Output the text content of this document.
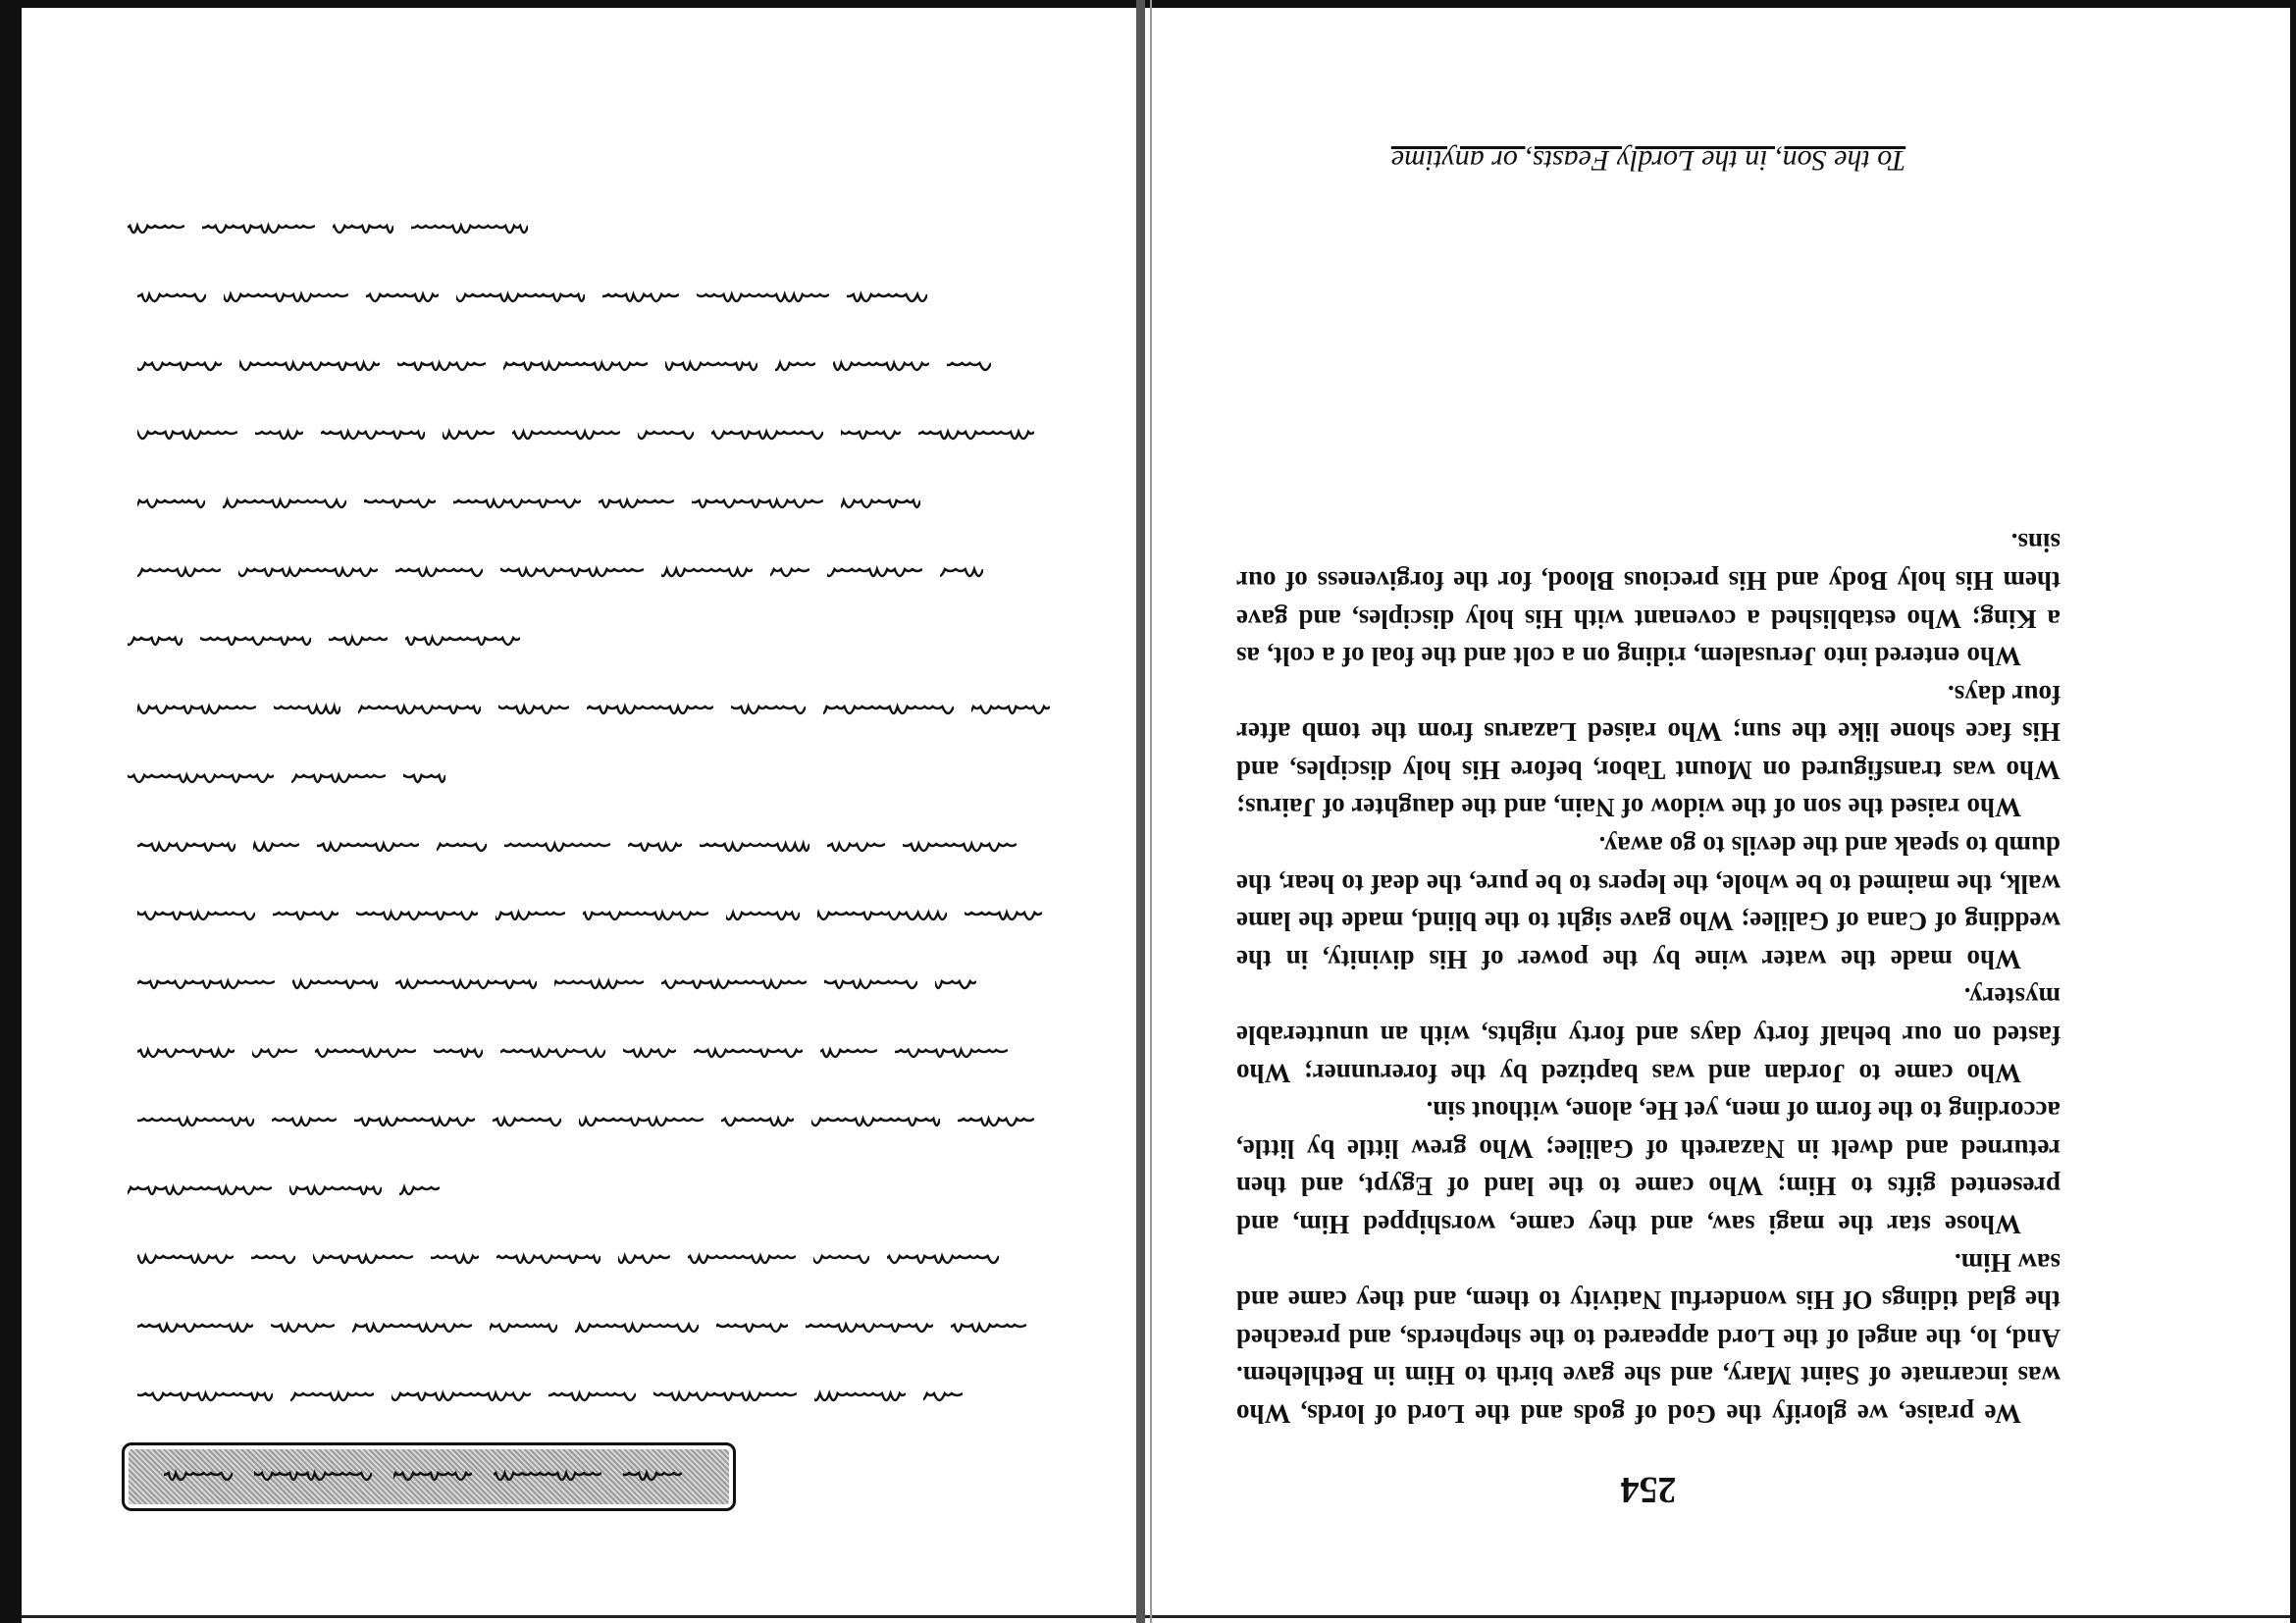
254

We praise, we glorify the God of gods and the Lord of lords, Who was incarnate of Saint Mary, and she gave birth to Him in Bethlehem. And, lo, the angel of the Lord appeared to the shepherds, and preached the glad tidings Of His wonderful Nativity to them, and they came and saw Him.

Whose star the magi saw, and they came, worshipped Him, and presented gifts to Him; Who came to the land of Egypt, and then returned and dwelt in Nazareth of Galilee; Who grew little by little, according to the form of men, yet He, alone, without sin.

Who came to Jordan and was baptized by the forerunner; Who fasted on our behalf forty days and forty nights, with an unutterable mystery.

Who made the water wine by the power of His divinity, in the wedding of Cana of Galilee; Who gave sight to the blind, made the lame walk, the maimed to be whole, the lepers to be pure, the deaf to hear, the dumb to speak and the devils to go away.

Who raised the son of the widow of Nain, and the daughter of Jairus; Who was transfigured on Mount Tabor, before His holy disciples, and His face shone like the sun; Who raised Lazarus from the tomb after four days.

Who entered into Jerusalem, riding on a colt and the foal of a colt, as a King; Who established a covenant with His holy disciples, and gave them His holy Body and His precious Blood, for the forgiveness of our sins.

To the Son, in the Lordly Feasts, or anytime
